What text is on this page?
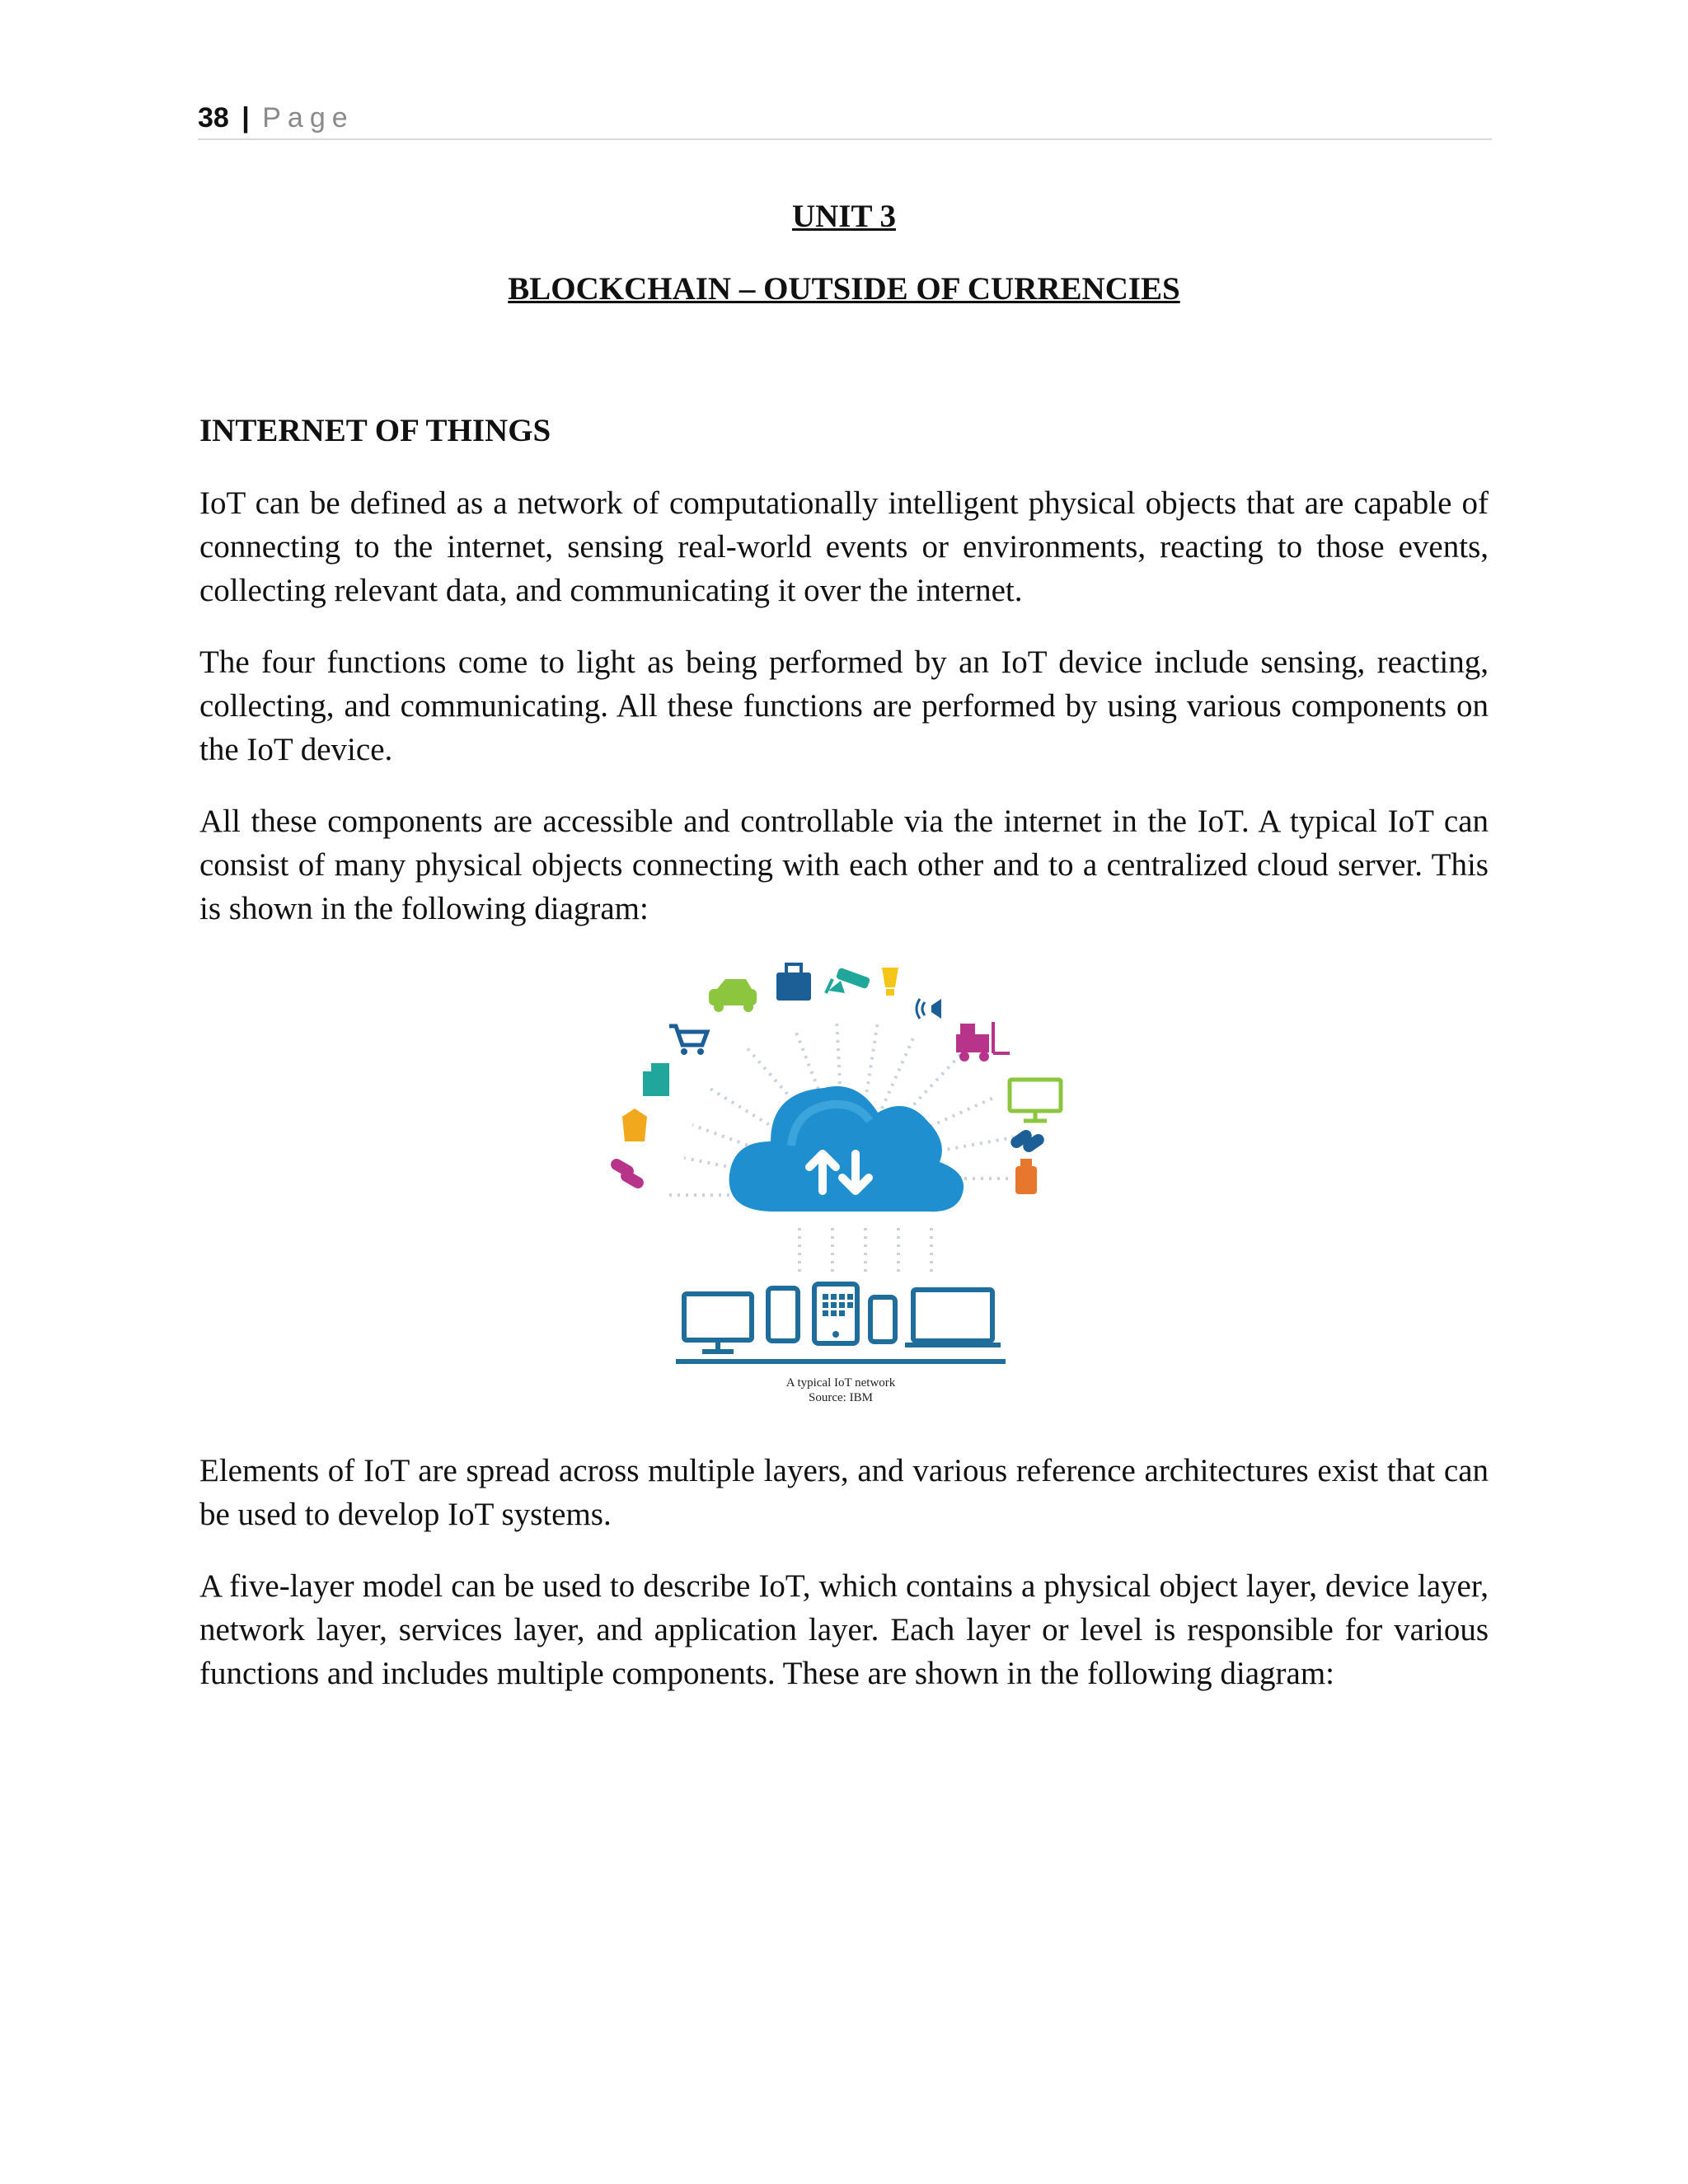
38 | Page
UNIT 3
BLOCKCHAIN – OUTSIDE OF CURRENCIES
INTERNET OF THINGS

IoT can be defined as a network of computationally intelligent physical objects that are capable of connecting to the internet, sensing real-world events or environments, reacting to those events, collecting relevant data, and communicating it over the internet.

The four functions come to light as being performed by an IoT device include sensing, reacting, collecting, and communicating. All these functions are performed by using various components on the IoT device.

All these components are accessible and controllable via the internet in the IoT. A typical IoT can consist of many physical objects connecting with each other and to a centralized cloud server. This is shown in the following diagram:

A typical IoT network
Source: IBM

Elements of IoT are spread across multiple layers, and various reference architectures exist that can be used to develop IoT systems.

A five-layer model can be used to describe IoT, which contains a physical object layer, device layer, network layer, services layer, and application layer. Each layer or level is responsible for various functions and includes multiple components. These are shown in the following diagram:
